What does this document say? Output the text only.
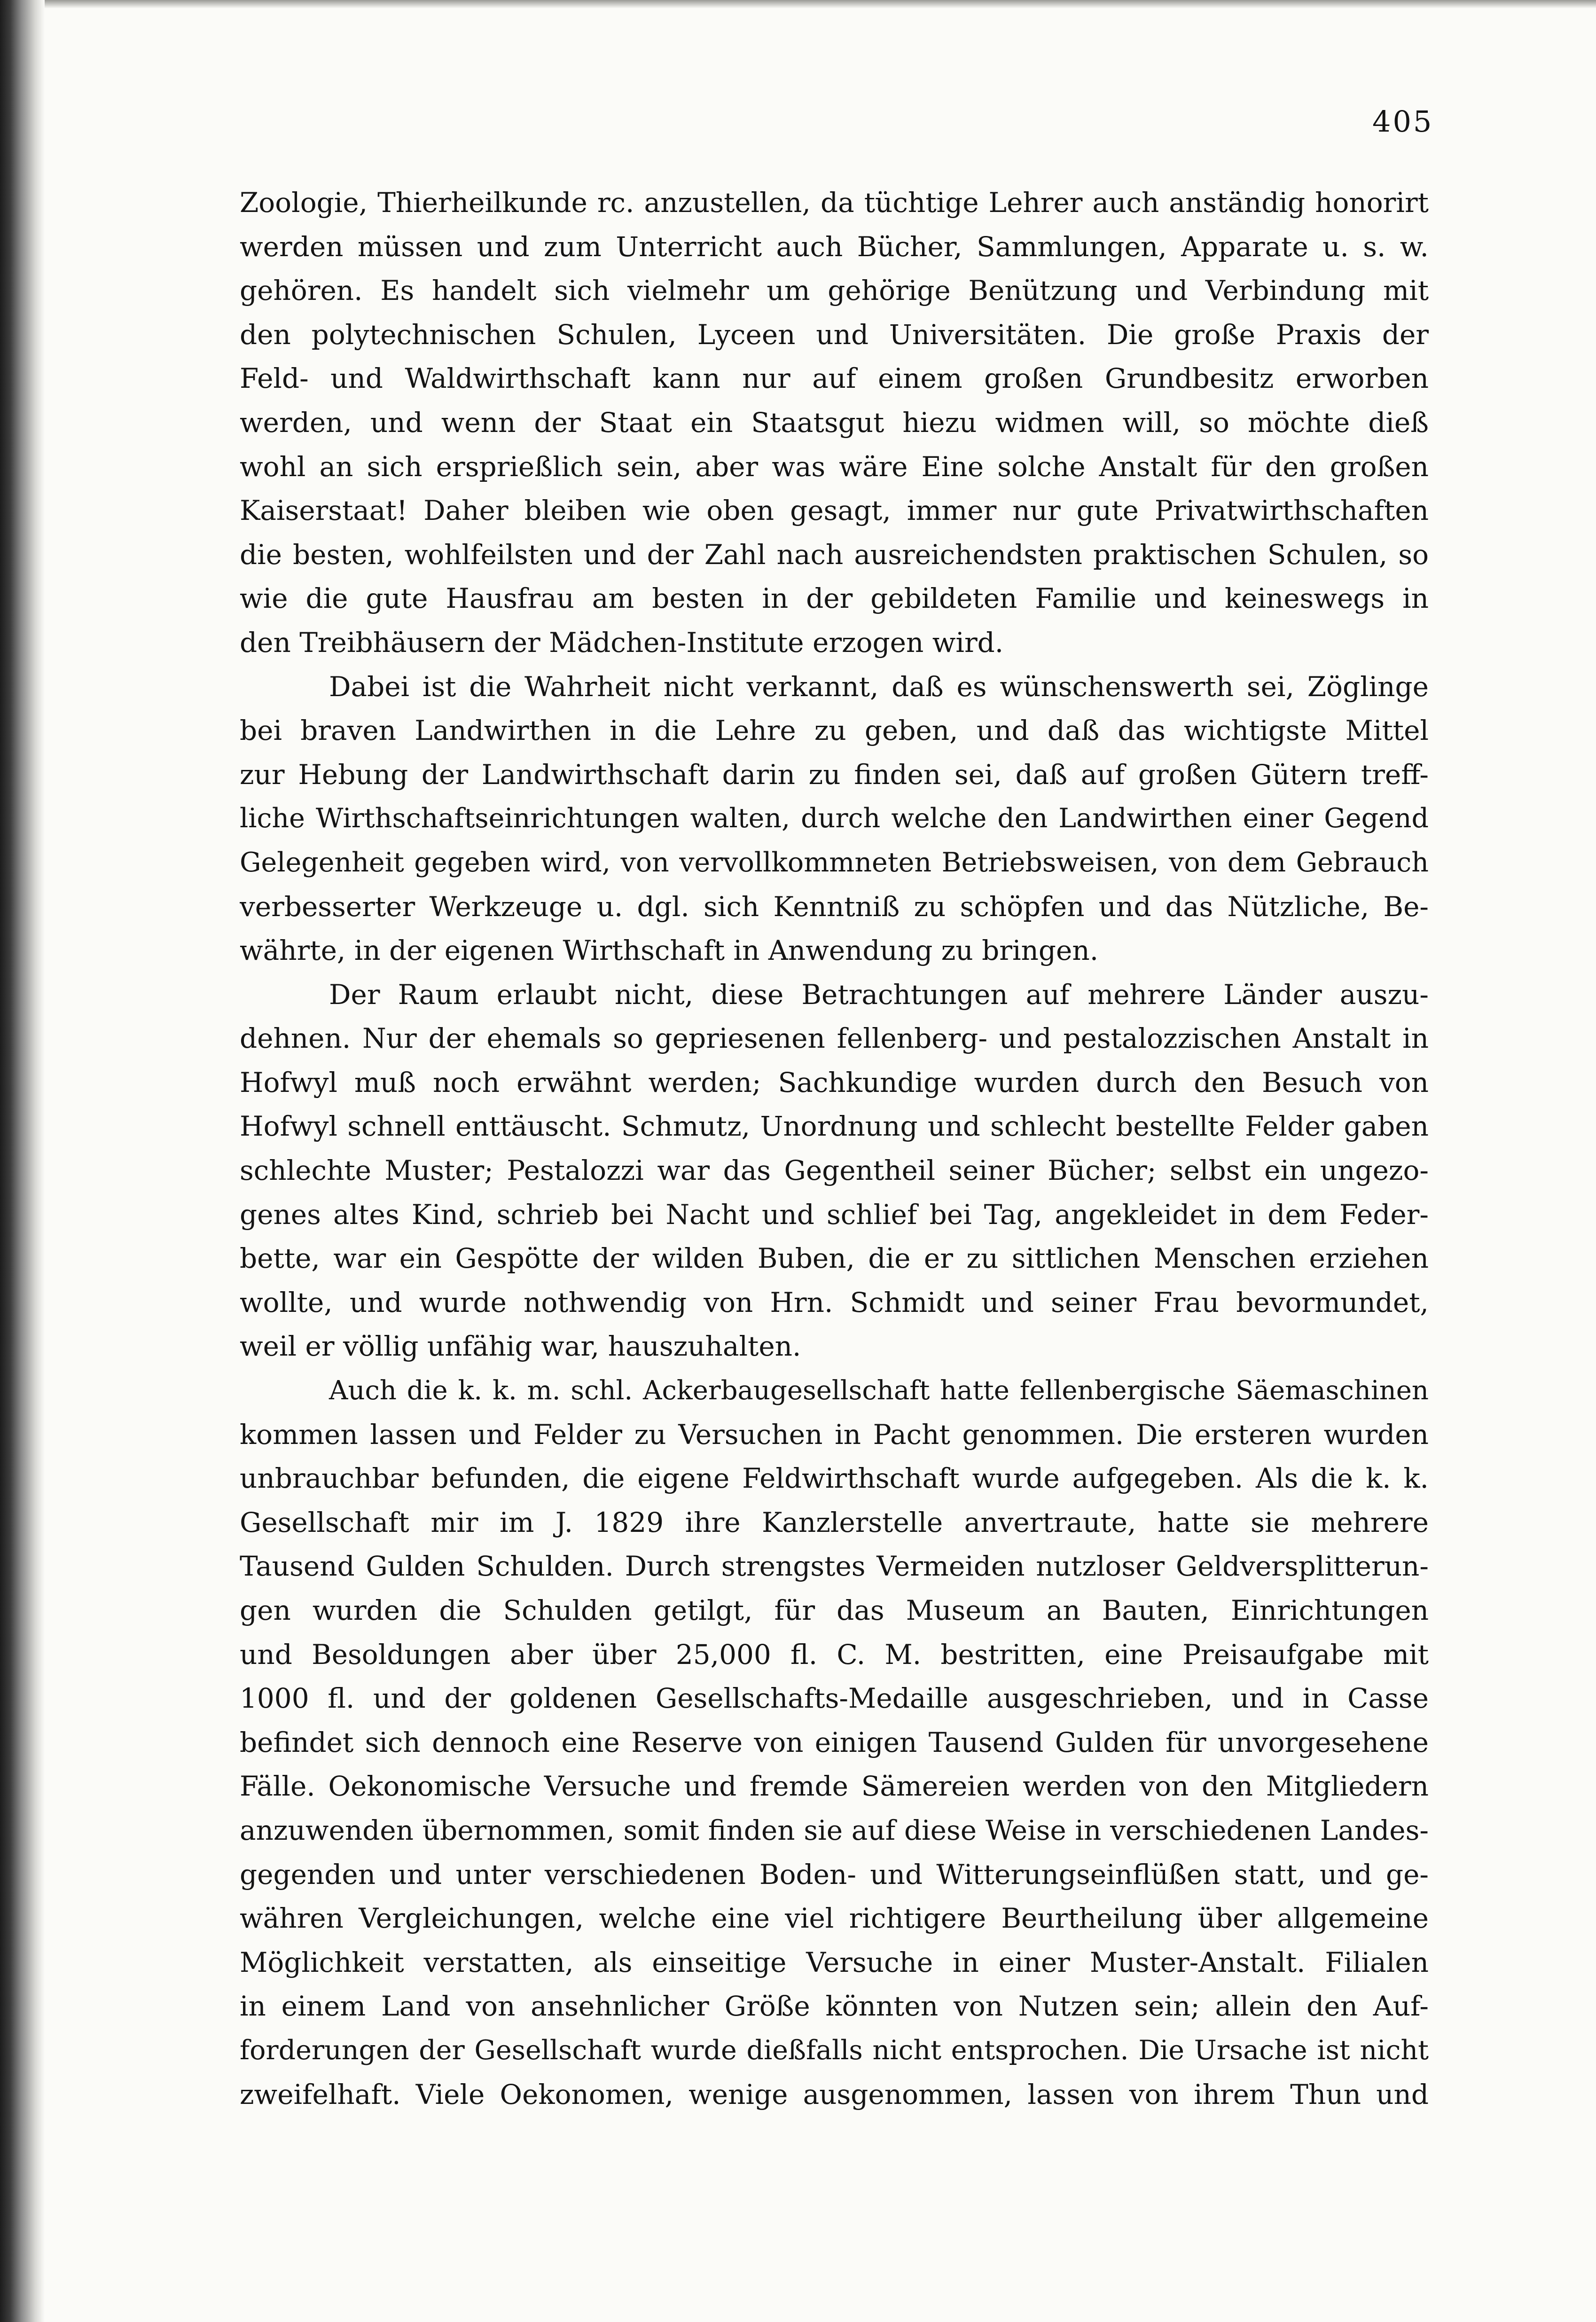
405
Zoologie, Thierheilkunde rc. anzustellen, da tüchtige Lehrer auch anständig honorirt
werden müssen und zum Unterricht auch Bücher, Sammlungen, Apparate u. s. w.
gehören. Es handelt sich vielmehr um gehörige Benützung und Verbindung mit
den polytechnischen Schulen, Lyceen und Universitäten. Die große Praxis der
Feld- und Waldwirthschaft kann nur auf einem großen Grundbesitz erworben
werden, und wenn der Staat ein Staatsgut hiezu widmen will, so möchte dieß
wohl an sich ersprießlich sein, aber was wäre Eine solche Anstalt für den großen
Kaiserstaat! Daher bleiben wie oben gesagt, immer nur gute Privatwirthschaften
die besten, wohlfeilsten und der Zahl nach ausreichendsten praktischen Schulen, so
wie die gute Hausfrau am besten in der gebildeten Familie und keineswegs in
den Treibhäusern der Mädchen-Institute erzogen wird.
Dabei ist die Wahrheit nicht verkannt, daß es wünschenswerth sei, Zöglinge
bei braven Landwirthen in die Lehre zu geben, und daß das wichtigste Mittel
zur Hebung der Landwirthschaft darin zu finden sei, daß auf großen Gütern treff-
liche Wirthschaftseinrichtungen walten, durch welche den Landwirthen einer Gegend
Gelegenheit gegeben wird, von vervollkommneten Betriebsweisen, von dem Gebrauch
verbesserter Werkzeuge u. dgl. sich Kenntniß zu schöpfen und das Nützliche, Be-
währte, in der eigenen Wirthschaft in Anwendung zu bringen.
Der Raum erlaubt nicht, diese Betrachtungen auf mehrere Länder auszu-
dehnen. Nur der ehemals so gepriesenen fellenberg- und pestalozzischen Anstalt in
Hofwyl muß noch erwähnt werden; Sachkundige wurden durch den Besuch von
Hofwyl schnell enttäuscht. Schmutz, Unordnung und schlecht bestellte Felder gaben
schlechte Muster; Pestalozzi war das Gegentheil seiner Bücher; selbst ein ungezo-
genes altes Kind, schrieb bei Nacht und schlief bei Tag, angekleidet in dem Feder-
bette, war ein Gespötte der wilden Buben, die er zu sittlichen Menschen erziehen
wollte, und wurde nothwendig von Hrn. Schmidt und seiner Frau bevormundet,
weil er völlig unfähig war, hauszuhalten.
Auch die k. k. m. schl. Ackerbaugesellschaft hatte fellenbergische Säemaschinen
kommen lassen und Felder zu Versuchen in Pacht genommen. Die ersteren wurden
unbrauchbar befunden, die eigene Feldwirthschaft wurde aufgegeben. Als die k. k.
Gesellschaft mir im J. 1829 ihre Kanzlerstelle anvertraute, hatte sie mehrere
Tausend Gulden Schulden. Durch strengstes Vermeiden nutzloser Geldversplitterun-
gen wurden die Schulden getilgt, für das Museum an Bauten, Einrichtungen
und Besoldungen aber über 25,000 fl. C. M. bestritten, eine Preisaufgabe mit
1000 fl. und der goldenen Gesellschafts-Medaille ausgeschrieben, und in Casse
befindet sich dennoch eine Reserve von einigen Tausend Gulden für unvorgesehene
Fälle. Oekonomische Versuche und fremde Sämereien werden von den Mitgliedern
anzuwenden übernommen, somit finden sie auf diese Weise in verschiedenen Landes-
gegenden und unter verschiedenen Boden- und Witterungseinflüßen statt, und ge-
währen Vergleichungen, welche eine viel richtigere Beurtheilung über allgemeine
Möglichkeit verstatten, als einseitige Versuche in einer Muster-Anstalt. Filialen
in einem Land von ansehnlicher Größe könnten von Nutzen sein; allein den Auf-
forderungen der Gesellschaft wurde dießfalls nicht entsprochen. Die Ursache ist nicht
zweifelhaft. Viele Oekonomen, wenige ausgenommen, lassen von ihrem Thun und
